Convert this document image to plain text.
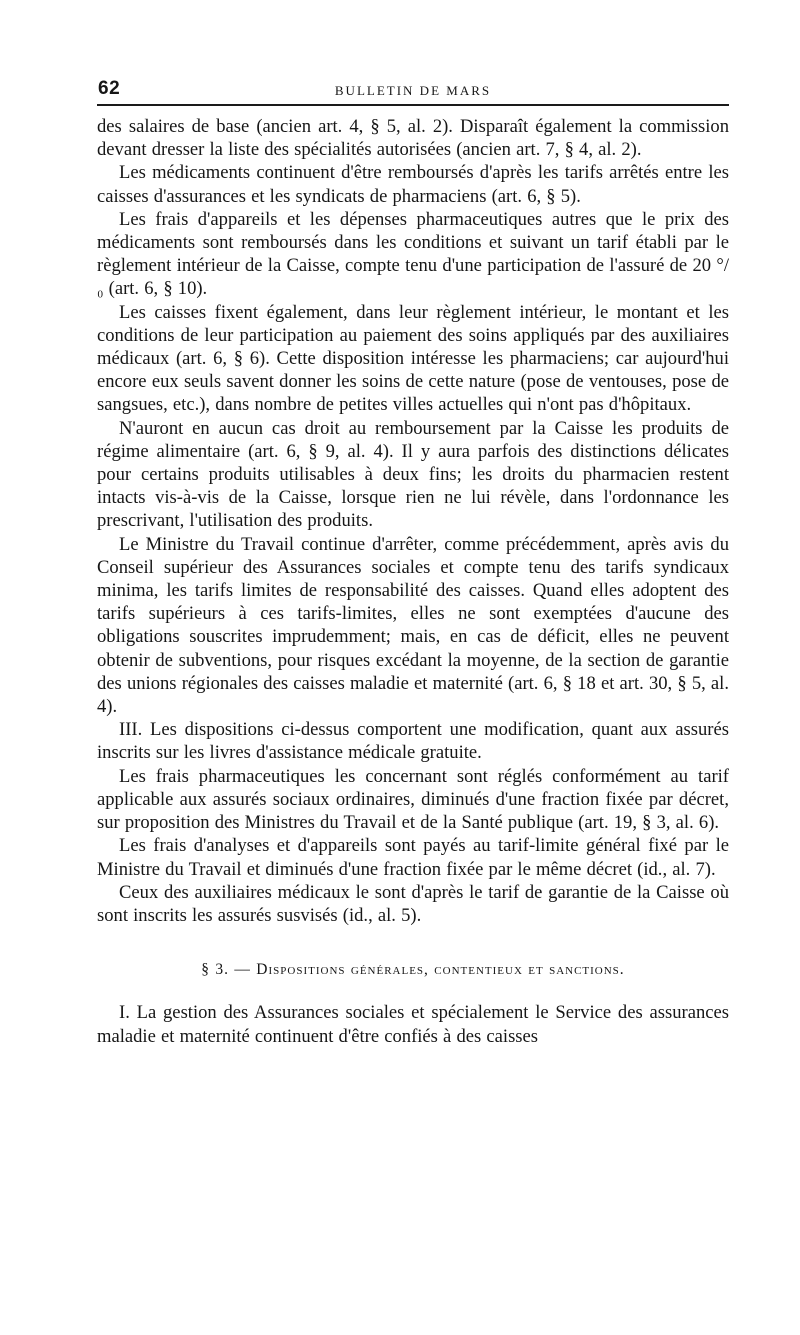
62	BULLETIN DE MARS

des salaires de base (ancien art. 4, § 5, al. 2). Disparaît également la commission devant dresser la liste des spécialités autorisées (ancien art. 7, § 4, al. 2).

Les médicaments continuent d'être remboursés d'après les tarifs arrêtés entre les caisses d'assurances et les syndicats de pharmaciens (art. 6, § 5).

Les frais d'appareils et les dépenses pharmaceutiques autres que le prix des médicaments sont remboursés dans les conditions et suivant un tarif établi par le règlement intérieur de la Caisse, compte tenu d'une participation de l'assuré de 20 °/₀ (art. 6, § 10).

Les caisses fixent également, dans leur règlement intérieur, le montant et les conditions de leur participation au paiement des soins appliqués par des auxiliaires médicaux (art. 6, § 6). Cette disposition intéresse les pharmaciens; car aujourd'hui encore eux seuls savent donner les soins de cette nature (pose de ventouses, pose de sangsues, etc.), dans nombre de petites villes actuelles qui n'ont pas d'hôpitaux.

N'auront en aucun cas droit au remboursement par la Caisse les produits de régime alimentaire (art. 6, § 9, al. 4). Il y aura parfois des distinctions délicates pour certains produits utilisables à deux fins; les droits du pharmacien restent intacts vis-à-vis de la Caisse, lorsque rien ne lui révèle, dans l'ordonnance les prescrivant, l'utilisation des produits.

Le Ministre du Travail continue d'arrêter, comme précédemment, après avis du Conseil supérieur des Assurances sociales et compte tenu des tarifs syndicaux minima, les tarifs limites de responsabilité des caisses. Quand elles adoptent des tarifs supérieurs à ces tarifs-limites, elles ne sont exemptées d'aucune des obligations souscrites imprudemment; mais, en cas de déficit, elles ne peuvent obtenir de subventions, pour risques excédant la moyenne, de la section de garantie des unions régionales des caisses maladie et maternité (art. 6, § 18 et art. 30, § 5, al. 4).

III. Les dispositions ci-dessus comportent une modification, quant aux assurés inscrits sur les livres d'assistance médicale gratuite.

Les frais pharmaceutiques les concernant sont réglés conformément au tarif applicable aux assurés sociaux ordinaires, diminués d'une fraction fixée par décret, sur proposition des Ministres du Travail et de la Santé publique (art. 19, § 3, al. 6).

Les frais d'analyses et d'appareils sont payés au tarif-limite général fixé par le Ministre du Travail et diminués d'une fraction fixée par le même décret (id., al. 7).

Ceux des auxiliaires médicaux le sont d'après le tarif de garantie de la Caisse où sont inscrits les assurés susvisés (id., al. 5).

§ 3. — Dispositions générales, contentieux et sanctions.

I. La gestion des Assurances sociales et spécialement le Service des assurances maladie et maternité continuent d'être confiés à des caisses
